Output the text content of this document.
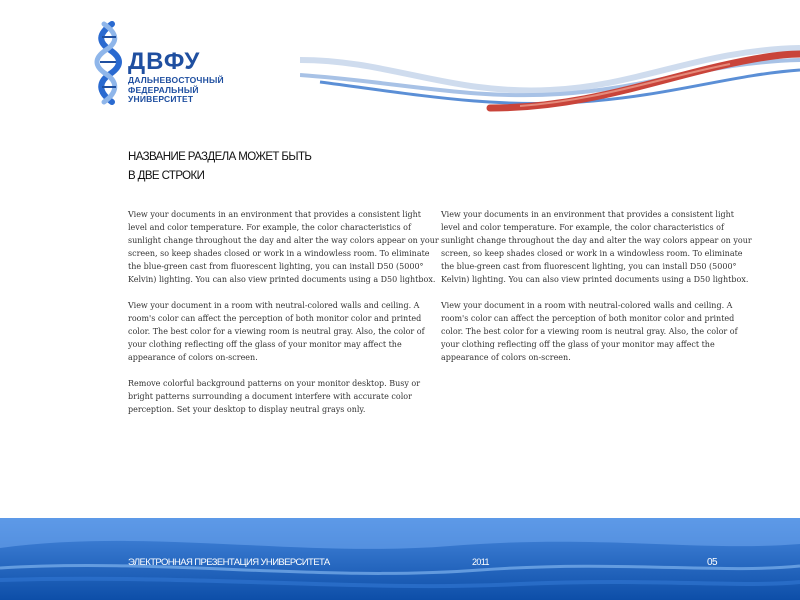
ДВФУ
ДАЛЬНЕВОСТОЧНЫЙ
ФЕДЕРАЛЬНЫЙ
УНИВЕРСИТЕТ
НАЗВАНИЕ РАЗДЕЛА МОЖЕТ БЫТЬ
В ДВЕ СТРОКИ

View your documents in an environment that provides a consistent light level and color temperature. For example, the color characteristics of sunlight change throughout the day and alter the way colors appear on your screen, so keep shades closed or work in a windowless room. To eliminate the blue-green cast from fluorescent lighting, you can install D50 (5000° Kelvin) lighting. You can also view printed documents using a D50 lightbox.

View your document in a room with neutral-colored walls and ceiling. A room's color can affect the perception of both monitor color and printed color. The best color for a viewing room is neutral gray. Also, the color of your clothing reflecting off the glass of your monitor may affect the appearance of colors on-screen.

Remove colorful background patterns on your monitor desktop. Busy or bright patterns surrounding a document interfere with accurate color perception. Set your desktop to display neutral grays only.

View your documents in an environment that provides a consistent light level and color temperature. For example, the color characteristics of sunlight change throughout the day and alter the way colors appear on your screen, so keep shades closed or work in a windowless room. To eliminate the blue-green cast from fluorescent lighting, you can install D50 (5000° Kelvin) lighting. You can also view printed documents using a D50 lightbox.

View your document in a room with neutral-colored walls and ceiling. A room's color can affect the perception of both monitor color and printed color. The best color for a viewing room is neutral gray. Also, the color of your clothing reflecting off the glass of your monitor may affect the appearance of colors on-screen.

ЭЛЕКТРОННАЯ ПРЕЗЕНТАЦИЯ УНИВЕРСИТЕТА	2011	05
